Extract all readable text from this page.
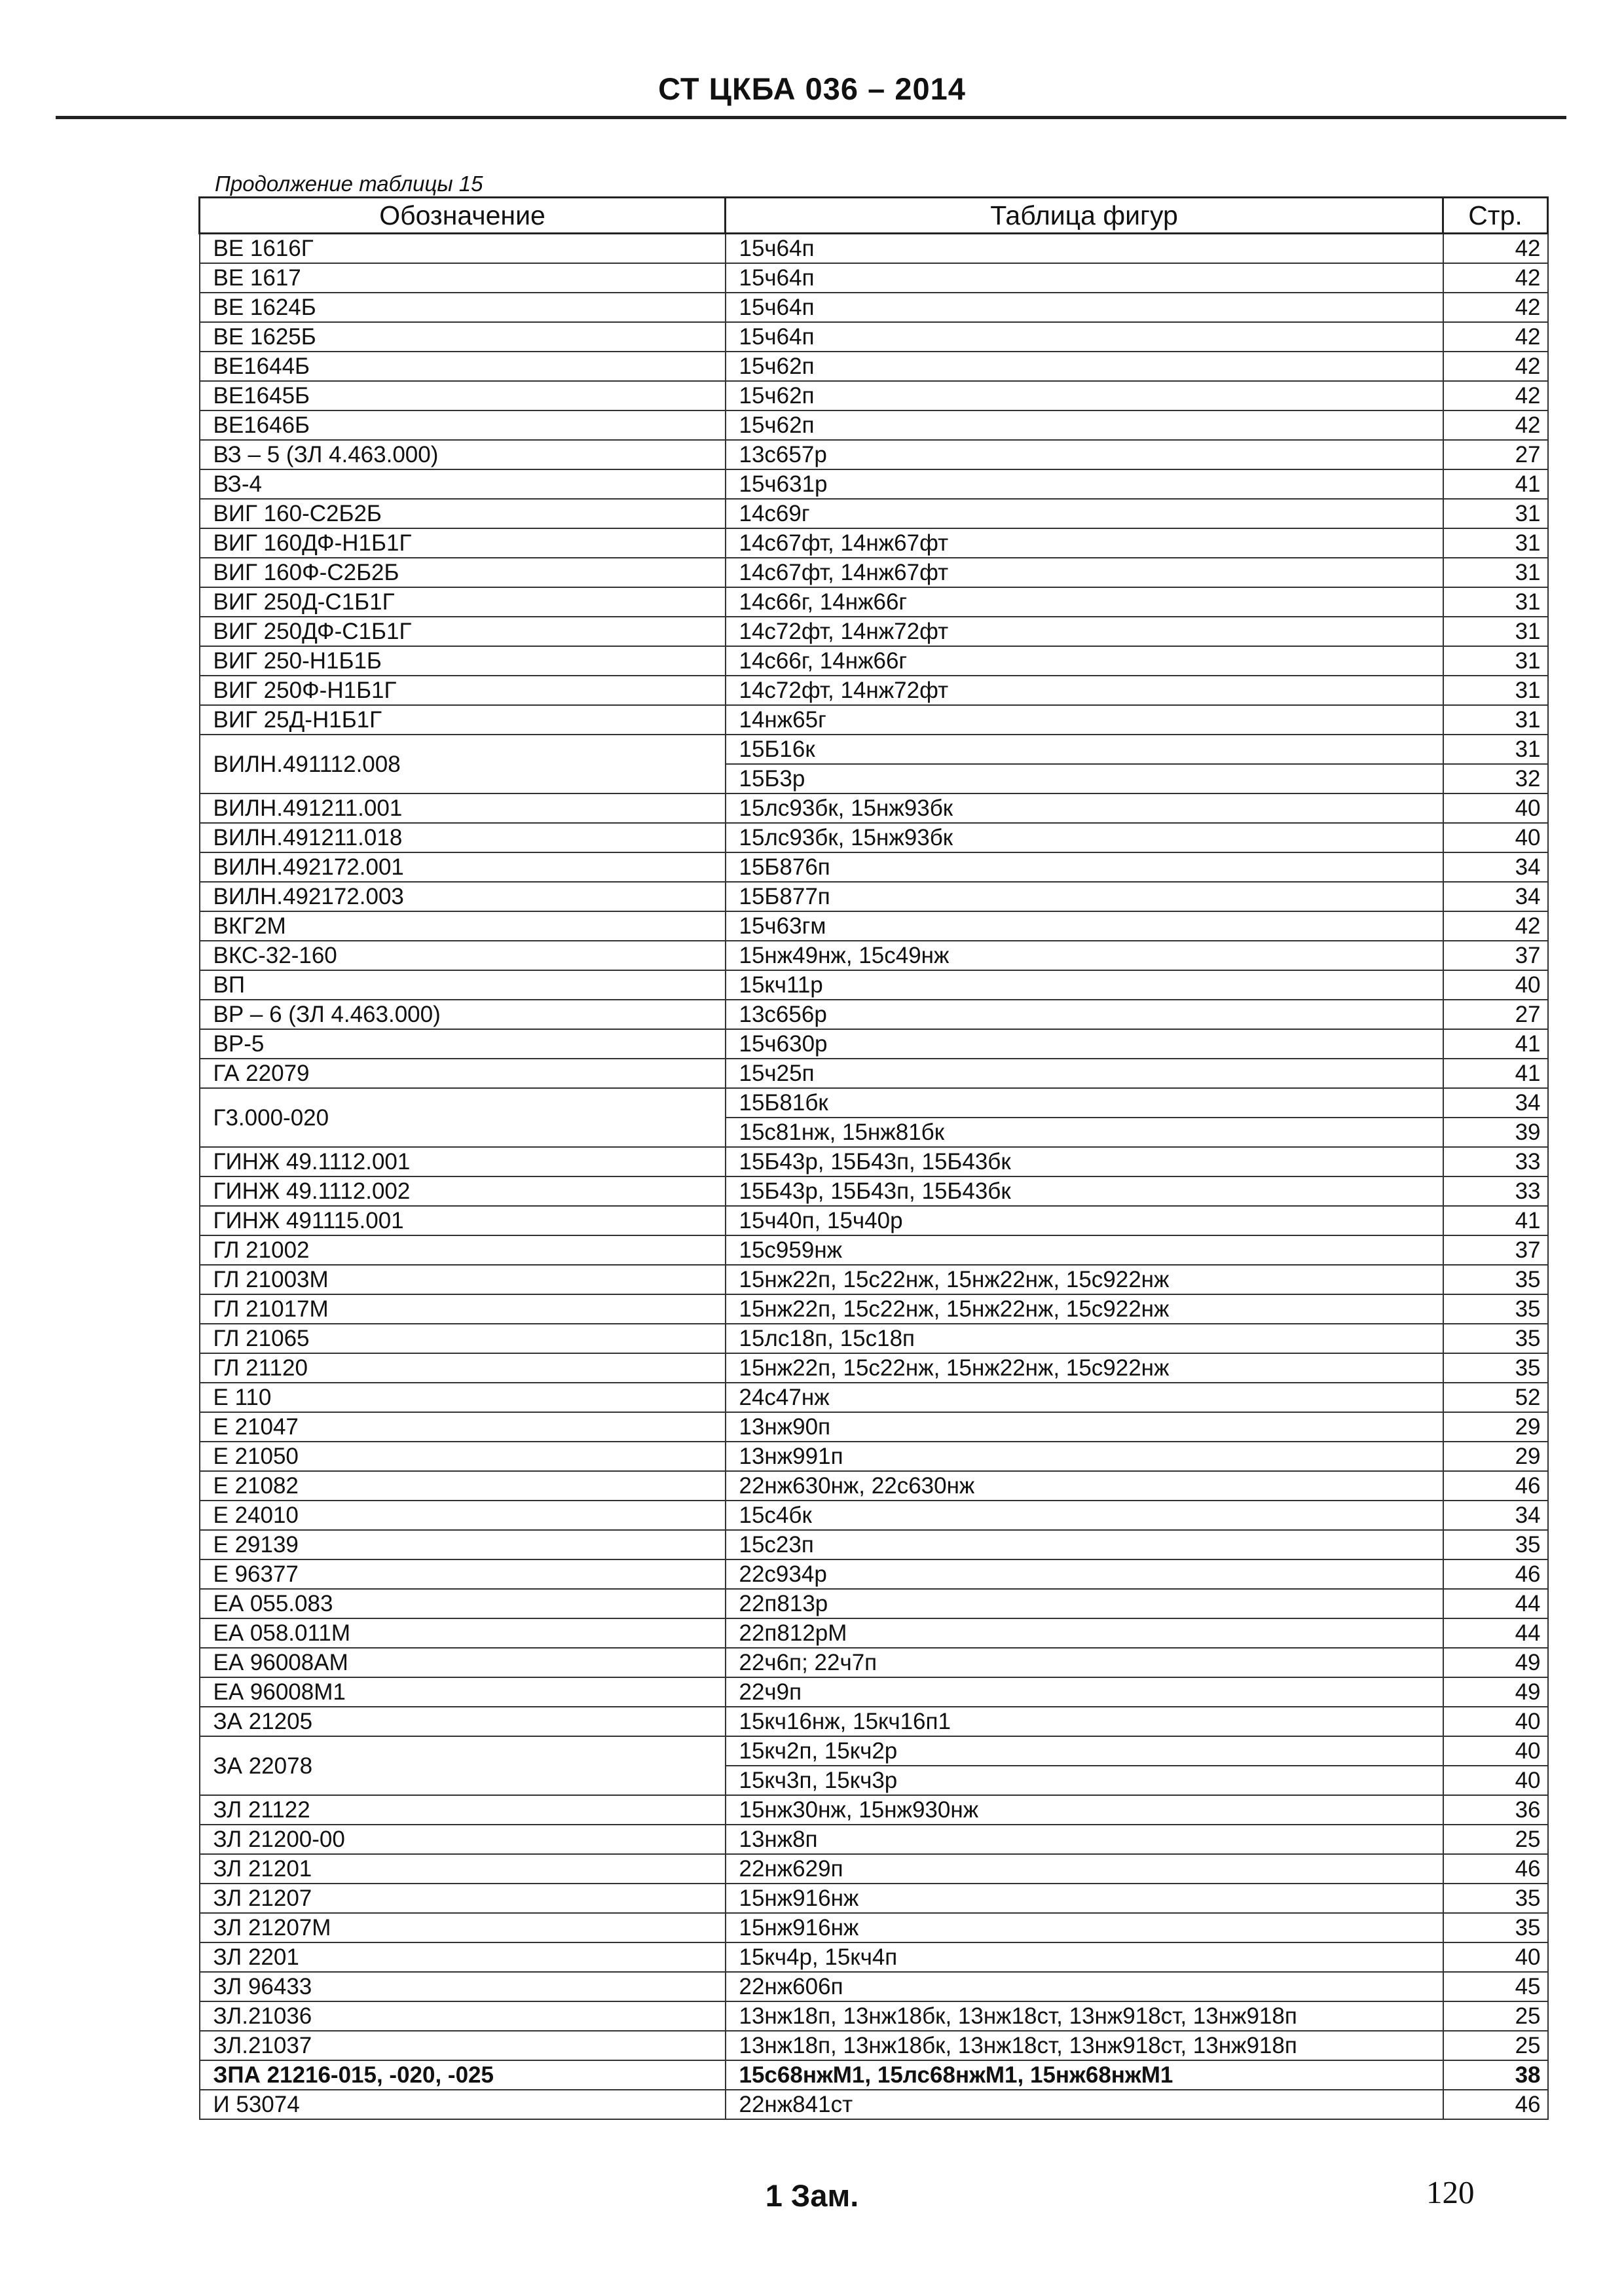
СТ ЦКБА 036 – 2014
Продолжение таблицы 15
Обозначение	Таблица фигур	Стр.
ВЕ 1616Г	15ч64п	42
ВЕ 1617	15ч64п	42
ВЕ 1624Б	15ч64п	42
ВЕ 1625Б	15ч64п	42
ВЕ1644Б	15ч62п	42
ВЕ1645Б	15ч62п	42
ВЕ1646Б	15ч62п	42
ВЗ – 5 (ЗЛ 4.463.000)	13с657р	27
ВЗ-4	15ч631р	41
ВИГ 160-С2Б2Б	14с69г	31
ВИГ 160ДФ-Н1Б1Г	14с67фт, 14нж67фт	31
ВИГ 160Ф-С2Б2Б	14с67фт, 14нж67фт	31
ВИГ 250Д-С1Б1Г	14с66г, 14нж66г	31
ВИГ 250ДФ-С1Б1Г	14с72фт, 14нж72фт	31
ВИГ 250-Н1Б1Б	14с66г, 14нж66г	31
ВИГ 250Ф-Н1Б1Г	14с72фт, 14нж72фт	31
ВИГ 25Д-Н1Б1Г	14нж65г	31
ВИЛН.491112.008	15Б16к	31
	15Б3р	32
ВИЛН.491211.001	15лс93бк, 15нж93бк	40
ВИЛН.491211.018	15лс93бк, 15нж93бк	40
ВИЛН.492172.001	15Б876п	34
ВИЛН.492172.003	15Б877п	34
ВКГ2М	15ч63гм	42
ВКС-32-160	15нж49нж, 15с49нж	37
ВП	15кч11р	40
ВР – 6 (ЗЛ 4.463.000)	13с656р	27
ВР-5	15ч630р	41
ГА 22079	15ч25п	41
Г3.000-020	15Б81бк	34
	15с81нж, 15нж81бк	39
ГИНЖ 49.1112.001	15Б43р, 15Б43п, 15Б43бк	33
ГИНЖ 49.1112.002	15Б43р, 15Б43п, 15Б43бк	33
ГИНЖ 491115.001	15ч40п, 15ч40р	41
ГЛ 21002	15с959нж	37
ГЛ 21003М	15нж22п, 15с22нж, 15нж22нж, 15с922нж	35
ГЛ 21017М	15нж22п, 15с22нж, 15нж22нж, 15с922нж	35
ГЛ 21065	15лс18п, 15с18п	35
ГЛ 21120	15нж22п, 15с22нж, 15нж22нж, 15с922нж	35
Е 110	24с47нж	52
Е 21047	13нж90п	29
Е 21050	13нж991п	29
Е 21082	22нж630нж, 22с630нж	46
Е 24010	15с4бк	34
Е 29139	15с23п	35
Е 96377	22с934р	46
ЕА 055.083	22п813р	44
ЕА 058.011М	22п812рМ	44
ЕА 96008АМ	22ч6п; 22ч7п	49
ЕА 96008М1	22ч9п	49
ЗА 21205	15кч16нж, 15кч16п1	40
ЗА 22078	15кч2п, 15кч2р	40
	15кч3п, 15кч3р	40
ЗЛ 21122	15нж30нж, 15нж930нж	36
ЗЛ 21200-00	13нж8п	25
ЗЛ 21201	22нж629п	46
ЗЛ 21207	15нж916нж	35
ЗЛ 21207М	15нж916нж	35
ЗЛ 2201	15кч4р, 15кч4п	40
ЗЛ 96433	22нж606п	45
ЗЛ.21036	13нж18п, 13нж18бк, 13нж18ст, 13нж918ст, 13нж918п	25
ЗЛ.21037	13нж18п, 13нж18бк, 13нж18ст, 13нж918ст, 13нж918п	25
ЗПА 21216-015, -020, -025	15с68нжМ1, 15лс68нжМ1, 15нж68нжМ1	38
И 53074	22нж841ст	46
1 Зам.	120
